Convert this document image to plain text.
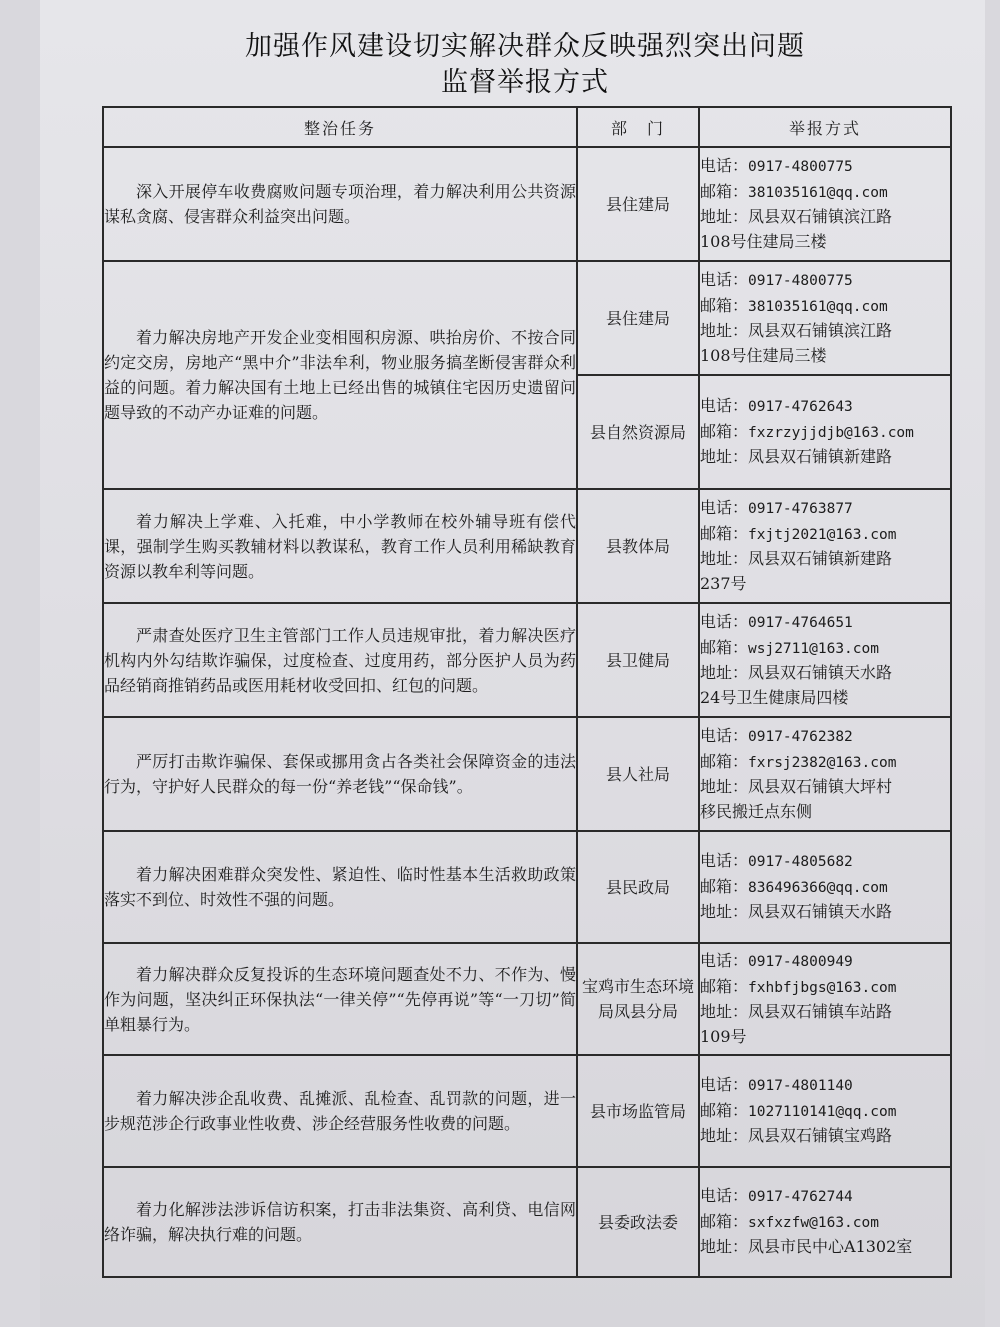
加强作风建设切实解决群众反映强烈突出问题
监督举报方式
整治任务	部　门	举报方式

深入开展停车收费腐败问题专项治理，着力解决利用公共资源谋私贪腐、侵害群众利益突出问题。	县住建局	电话：0917-4800775
邮箱：381035161@qq.com
地址：凤县双石铺镇滨江路
108号住建局三楼

着力解决房地产开发企业变相囤积房源、哄抬房价、不按合同约定交房，房地产“黑中介”非法牟利，物业服务搞垄断侵害群众利益的问题。着力解决国有土地上已经出售的城镇住宅因历史遗留问题导致的不动产办证难的问题。	县住建局	电话：0917-4800775
邮箱：381035161@qq.com
地址：凤县双石铺镇滨江路
108号住建局三楼

	县自然资源局	电话：0917-4762643
邮箱：fxzrzyjjdjb@163.com
地址：凤县双石铺镇新建路

着力解决上学难、入托难，中小学教师在校外辅导班有偿代课，强制学生购买教辅材料以教谋私，教育工作人员利用稀缺教育资源以教牟利等问题。	县教体局	电话：0917-4763877
邮箱：fxjtj2021@163.com
地址：凤县双石铺镇新建路
237号

严肃查处医疗卫生主管部门工作人员违规审批，着力解决医疗机构内外勾结欺诈骗保，过度检查、过度用药，部分医护人员为药品经销商推销药品或医用耗材收受回扣、红包的问题。	县卫健局	电话：0917-4764651
邮箱：wsj2711@163.com
地址：凤县双石铺镇天水路
24号卫生健康局四楼

严厉打击欺诈骗保、套保或挪用贪占各类社会保障资金的违法行为，守护好人民群众的每一份“养老钱”“保命钱”。	县人社局	电话：0917-4762382
邮箱：fxrsj2382@163.com
地址：凤县双石铺镇大坪村
移民搬迁点东侧

着力解决困难群众突发性、紧迫性、临时性基本生活救助政策落实不到位、时效性不强的问题。	县民政局	电话：0917-4805682
邮箱：836496366@qq.com
地址：凤县双石铺镇天水路

着力解决群众反复投诉的生态环境问题查处不力、不作为、慢作为问题，坚决纠正环保执法“一律关停”“先停再说”等“一刀切”简单粗暴行为。	宝鸡市生态环境局凤县分局	电话：0917-4800949
邮箱：fxhbfjbgs@163.com
地址：凤县双石铺镇车站路
109号

着力解决涉企乱收费、乱摊派、乱检查、乱罚款的问题，进一步规范涉企行政事业性收费、涉企经营服务性收费的问题。	县市场监管局	电话：0917-4801140
邮箱：1027110141@qq.com
地址：凤县双石铺镇宝鸡路

着力化解涉法涉诉信访积案，打击非法集资、高利贷、电信网络诈骗，解决执行难的问题。	县委政法委	电话：0917-4762744
邮箱：sxfxzfw@163.com
地址：凤县市民中心A1302室
